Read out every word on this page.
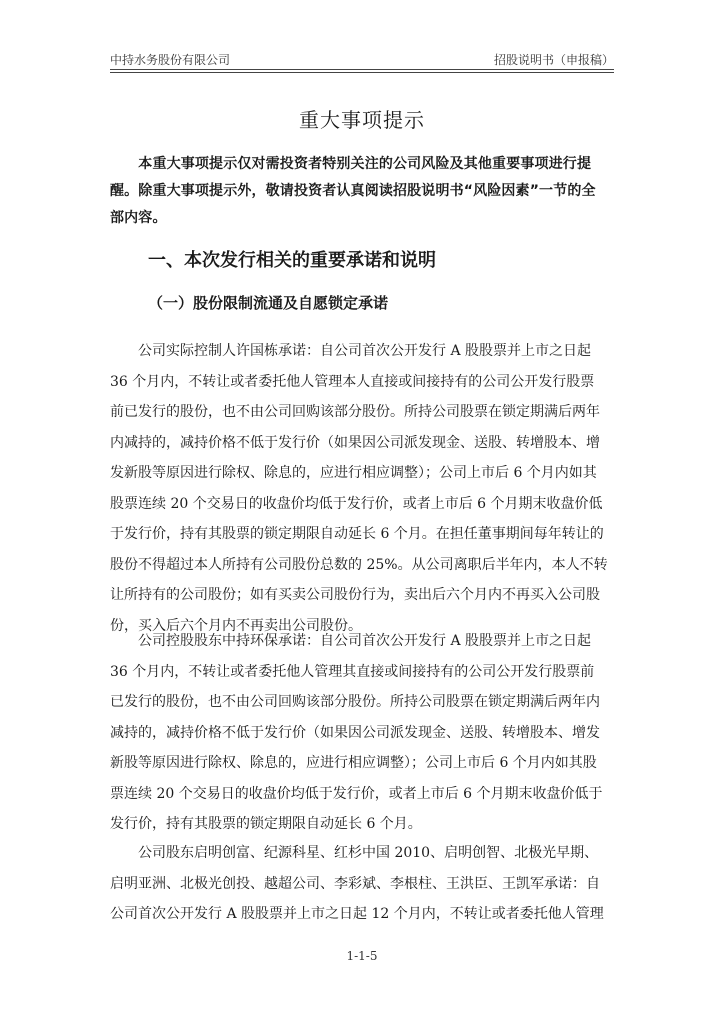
中持水务股份有限公司	招股说明书（申报稿）
重大事项提示
　　本重大事项提示仅对需投资者特别关注的公司风险及其他重要事项进行提
醒。除重大事项提示外，敬请投资者认真阅读招股说明书“风险因素”一节的全
部内容。
一、本次发行相关的重要承诺和说明
（一）股份限制流通及自愿锁定承诺
　　公司实际控制人许国栋承诺：自公司首次公开发行 A 股股票并上市之日起
36 个月内，不转让或者委托他人管理本人直接或间接持有的公司公开发行股票
前已发行的股份，也不由公司回购该部分股份。所持公司股票在锁定期满后两年
内减持的，减持价格不低于发行价（如果因公司派发现金、送股、转增股本、增
发新股等原因进行除权、除息的，应进行相应调整）；公司上市后 6 个月内如其
股票连续 20 个交易日的收盘价均低于发行价，或者上市后 6 个月期末收盘价低
于发行价，持有其股票的锁定期限自动延长 6 个月。在担任董事期间每年转让的
股份不得超过本人所持有公司股份总数的 25%。从公司离职后半年内，本人不转
让所持有的公司股份；如有买卖公司股份行为，卖出后六个月内不再买入公司股
份，买入后六个月内不再卖出公司股份。
　　公司控股股东中持环保承诺：自公司首次公开发行 A 股股票并上市之日起
36 个月内，不转让或者委托他人管理其直接或间接持有的公司公开发行股票前
已发行的股份，也不由公司回购该部分股份。所持公司股票在锁定期满后两年内
减持的，减持价格不低于发行价（如果因公司派发现金、送股、转增股本、增发
新股等原因进行除权、除息的，应进行相应调整）；公司上市后 6 个月内如其股
票连续 20 个交易日的收盘价均低于发行价，或者上市后 6 个月期末收盘价低于
发行价，持有其股票的锁定期限自动延长 6 个月。
　　公司股东启明创富、纪源科星、红杉中国 2010、启明创智、北极光早期、
启明亚洲、北极光创投、越超公司、李彩斌、李根柱、王洪臣、王凯军承诺：自
公司首次公开发行 A 股股票并上市之日起 12 个月内，不转让或者委托他人管理
1-1-5
